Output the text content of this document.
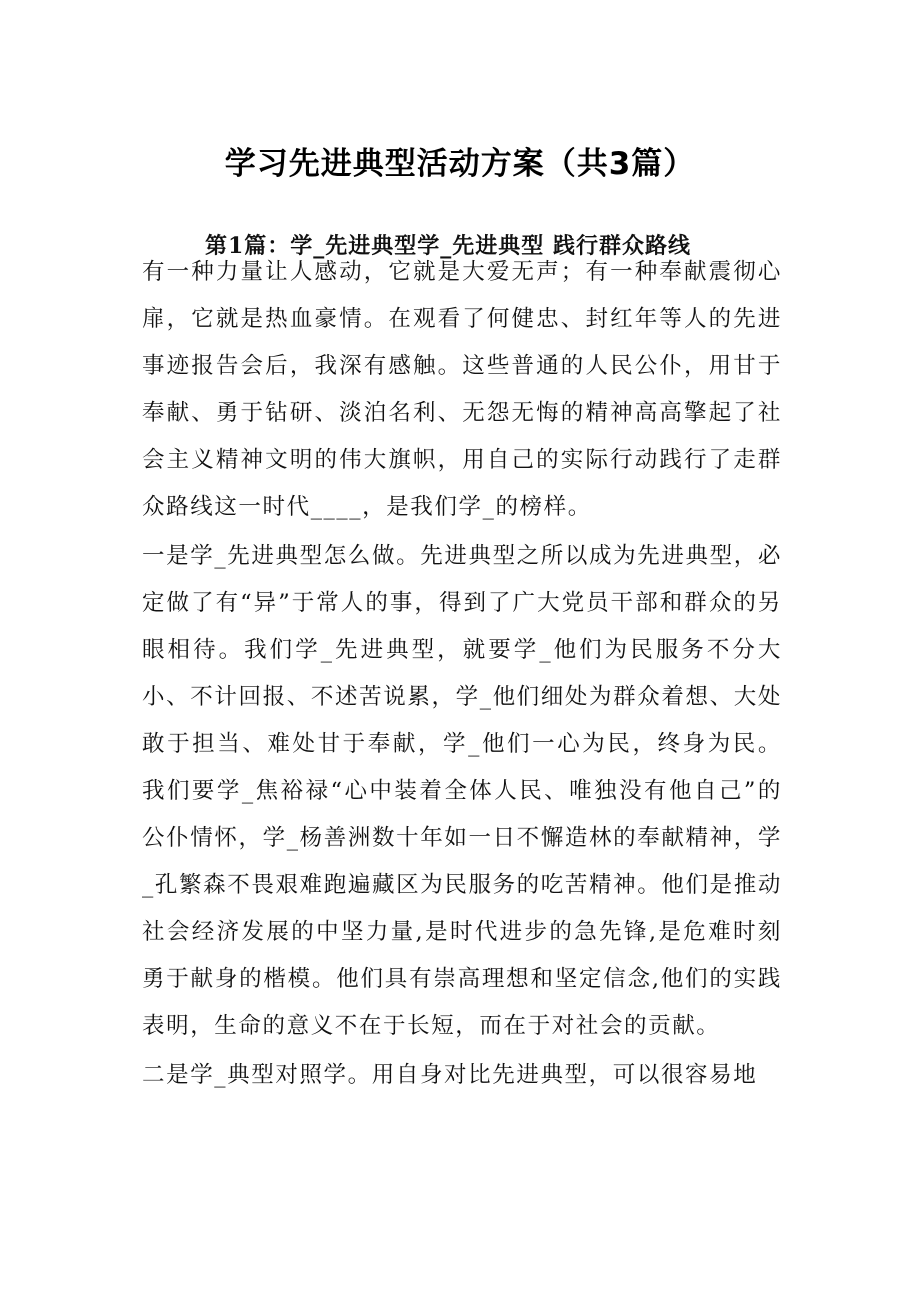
学习先进典型活动方案（共3篇）
第1篇：学_先进典型学_先进典型 践行群众路线

有一种力量让人感动，它就是大爱无声；有一种奉献震彻心扉，它就是热血豪情。在观看了何健忠、封红年等人的先进事迹报告会后，我深有感触。这些普通的人民公仆，用甘于奉献、勇于钻研、淡泊名利、无怨无悔的精神高高擎起了社会主义精神文明的伟大旗帜，用自己的实际行动践行了走群众路线这一时代____，是我们学_的榜样。

一是学_先进典型怎么做。先进典型之所以成为先进典型，必定做了有“异”于常人的事，得到了广大党员干部和群众的另眼相待。我们学_先进典型，就要学_他们为民服务不分大小、不计回报、不述苦说累，学_他们细处为群众着想、大处敢于担当、难处甘于奉献，学_他们一心为民，终身为民。 我们要学_焦裕禄“心中装着全体人民、唯独没有他自己”的公仆情怀，学_杨善洲数十年如一日不懈造林的奉献精神，学_孔繁森不畏艰难跑遍藏区为民服务的吃苦精神。他们是推动社会经济发展的中坚力量,是时代进步的急先锋,是危难时刻勇于献身的楷模。他们具有崇高理想和坚定信念,他们的实践表明，生命的意义不在于长短，而在于对社会的贡献。

二是学_典型对照学。用自身对比先进典型，可以很容易地
